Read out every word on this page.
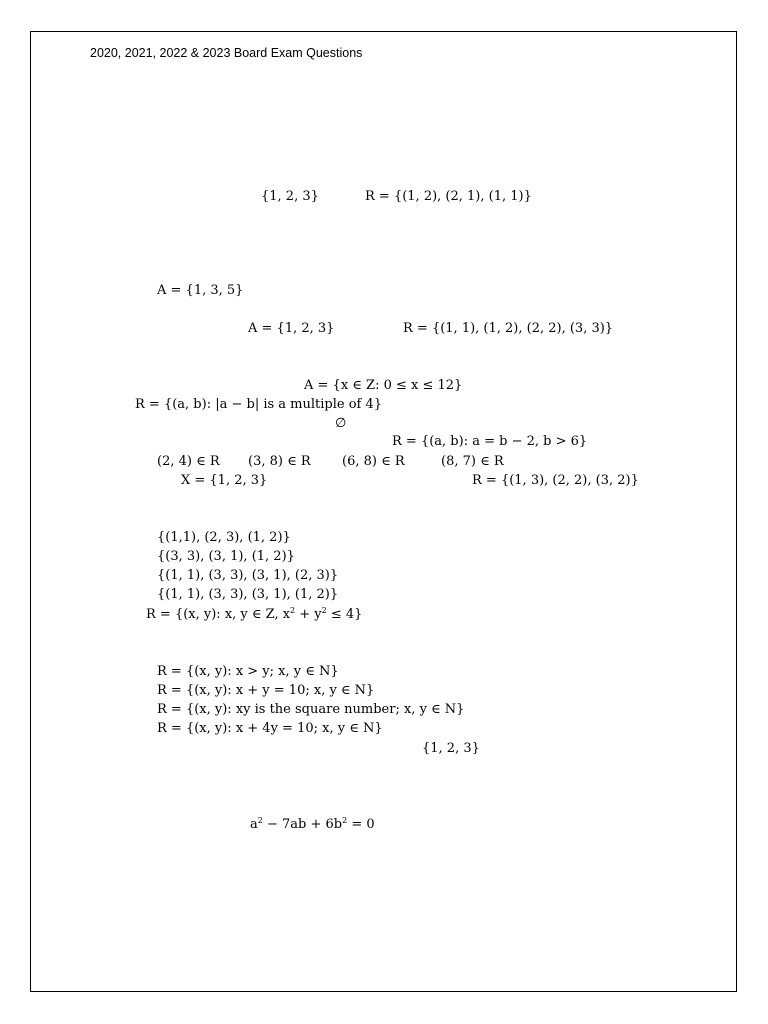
2020, 2021, 2022 & 2023 Board Exam Questions
{1, 2, 3}	R = {(1, 2), (2, 1), (1, 1)}
A = {1, 3, 5}
A = {1, 2, 3}	R = {(1, 1), (1, 2), (2, 2), (3, 3)}
A = {x ∈ Z: 0 ≤ x ≤ 12}
R = {(a, b): |a − b| is a multiple of 4}
∅
R = {(a, b): a = b − 2, b > 6}
(2, 4) ∈ R (3, 8) ∈ R (6, 8) ∈ R	(8, 7) ∈ R
X = {1, 2, 3}	R = {(1, 3), (2, 2), (3, 2)}
{(1,1), (2, 3), (1, 2)}
{(3, 3), (3, 1), (1, 2)}
{(1, 1), (3, 3), (3, 1), (2, 3)}
{(1, 1), (3, 3), (3, 1), (1, 2)}
R = {(x, y): x, y ∈ Z, $x^2 + y^2 \le 4$}
R = {(x, y): x > y; x, y ∈ N}
R = {(x, y): x + y = 10; x, y ∈ N}
R = {(x, y): xy is the square number; x, y ∈ N}
R = {(x, y): x + 4y = 10; x, y ∈ N}
{1, 2, 3}
$a^2 - 7ab + 6b^2 = 0$
